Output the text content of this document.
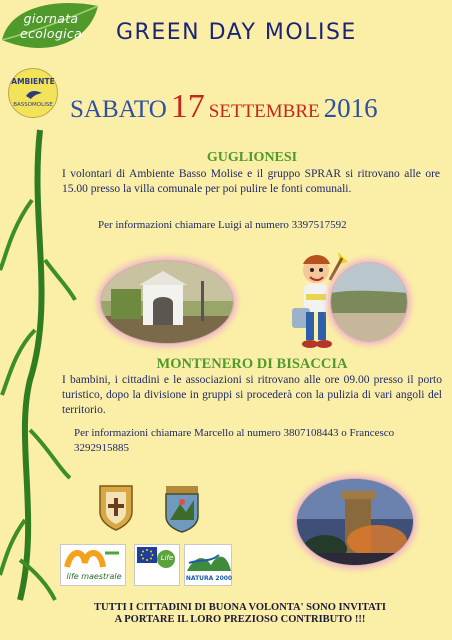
giornata
ecologica
AMBIENTE
BASSOMOLISE
GREEN DAY MOLISE
SABATO 17 SETTEMBRE 2016
GUGLIONESI
I volontari di Ambiente Basso Molise e il gruppo SPRAR si ritrovano alle ore 15.00 presso la villa comunale per poi pulire le fonti comunali.
Per informazioni chiamare Luigi al numero 3397517592
MONTENERO DI BISACCIA
I bambini, i cittadini e le associazioni si ritrovano alle ore 09.00 presso il porto turistico, dopo la divisione in gruppi si procederà con la pulizia di vari angoli del territorio.
Per informazioni chiamare Marcello al numero 3807108443 o Francesco 3292915885
life maestrale
Life
NATURA 2000
TUTTI I CITTADINI DI BUONA VOLONTA' SONO INVITATI
A PORTARE IL LORO PREZIOSO CONTRIBUTO !!!
